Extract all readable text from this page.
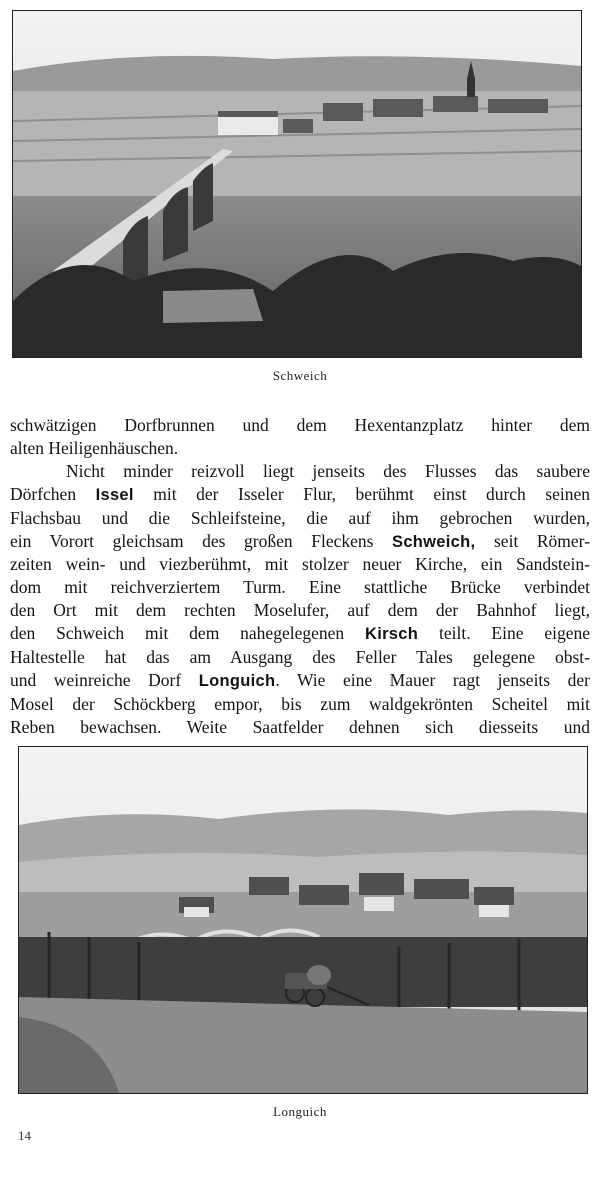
Schweich

schwätzigen Dorfbrunnen und dem Hexentanzplatz hinter dem

alten Heiligenhäuschen.

Nicht minder reizvoll liegt jenseits des Flusses das saubere

Dörfchen Issel mit der Isseler Flur, berühmt einst durch seinen

Flachsbau und die Schleifsteine, die auf ihm gebrochen wurden,

ein Vorort gleichsam des großen Fleckens Schweich, seit Römer-

zeiten wein- und viezberühmt, mit stolzer neuer Kirche, ein Sandstein-

dom mit reichverziertem Turm. Eine stattliche Brücke verbindet

den Ort mit dem rechten Moselufer, auf dem der Bahnhof liegt,

den Schweich mit dem nahegelegenen Kirsch teilt. Eine eigene

Haltestelle hat das am Ausgang des Feller Tales gelegene obst-

und weinreiche Dorf Longuich. Wie eine Mauer ragt jenseits der

Mosel der Schöckberg empor, bis zum waldgekrönten Scheitel mit

Reben bewachsen. Weite Saatfelder dehnen sich diesseits und

Longuich
14
